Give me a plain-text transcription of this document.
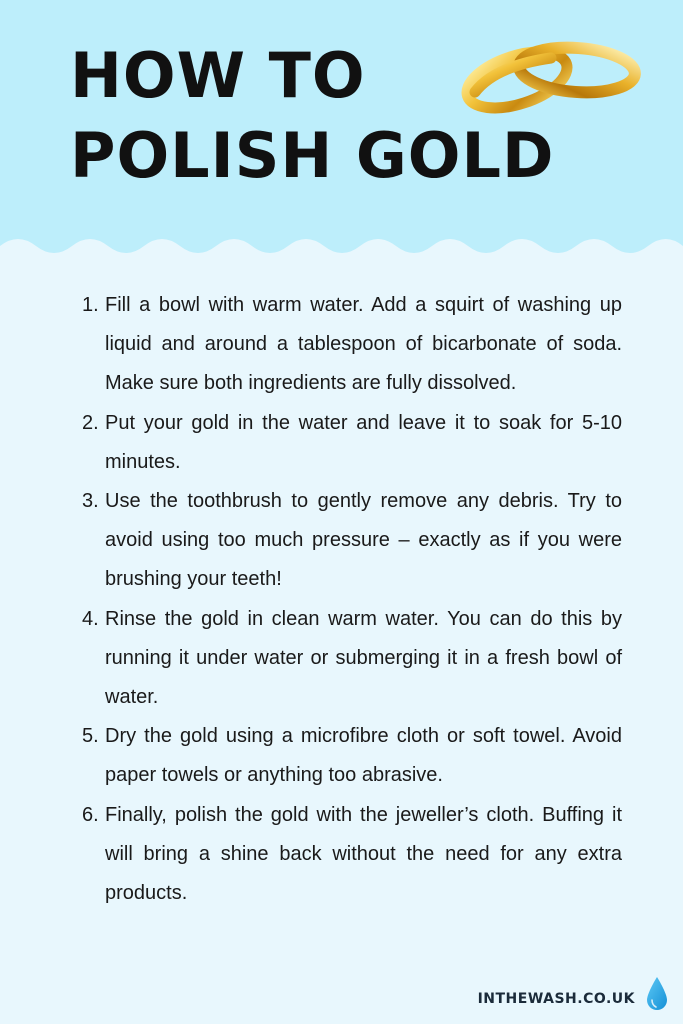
HOW TO
POLISH GOLD
1. Fill a bowl with warm water. Add a squirt of washing up liquid and around a tablespoon of bicarbonate of soda. Make sure both ingredients are fully dissolved.
2. Put your gold in the water and leave it to soak for 5-10 minutes.
3. Use the toothbrush to gently remove any debris. Try to avoid using too much pressure – exactly as if you were brushing your teeth!
4. Rinse the gold in clean warm water. You can do this by running it under water or submerging it in a fresh bowl of water.
5. Dry the gold using a microfibre cloth or soft towel. Avoid paper towels or anything too abrasive.
6. Finally, polish the gold with the jeweller’s cloth. Buffing it will bring a shine back without the need for any extra products.
INTHEWASH.CO.UK
